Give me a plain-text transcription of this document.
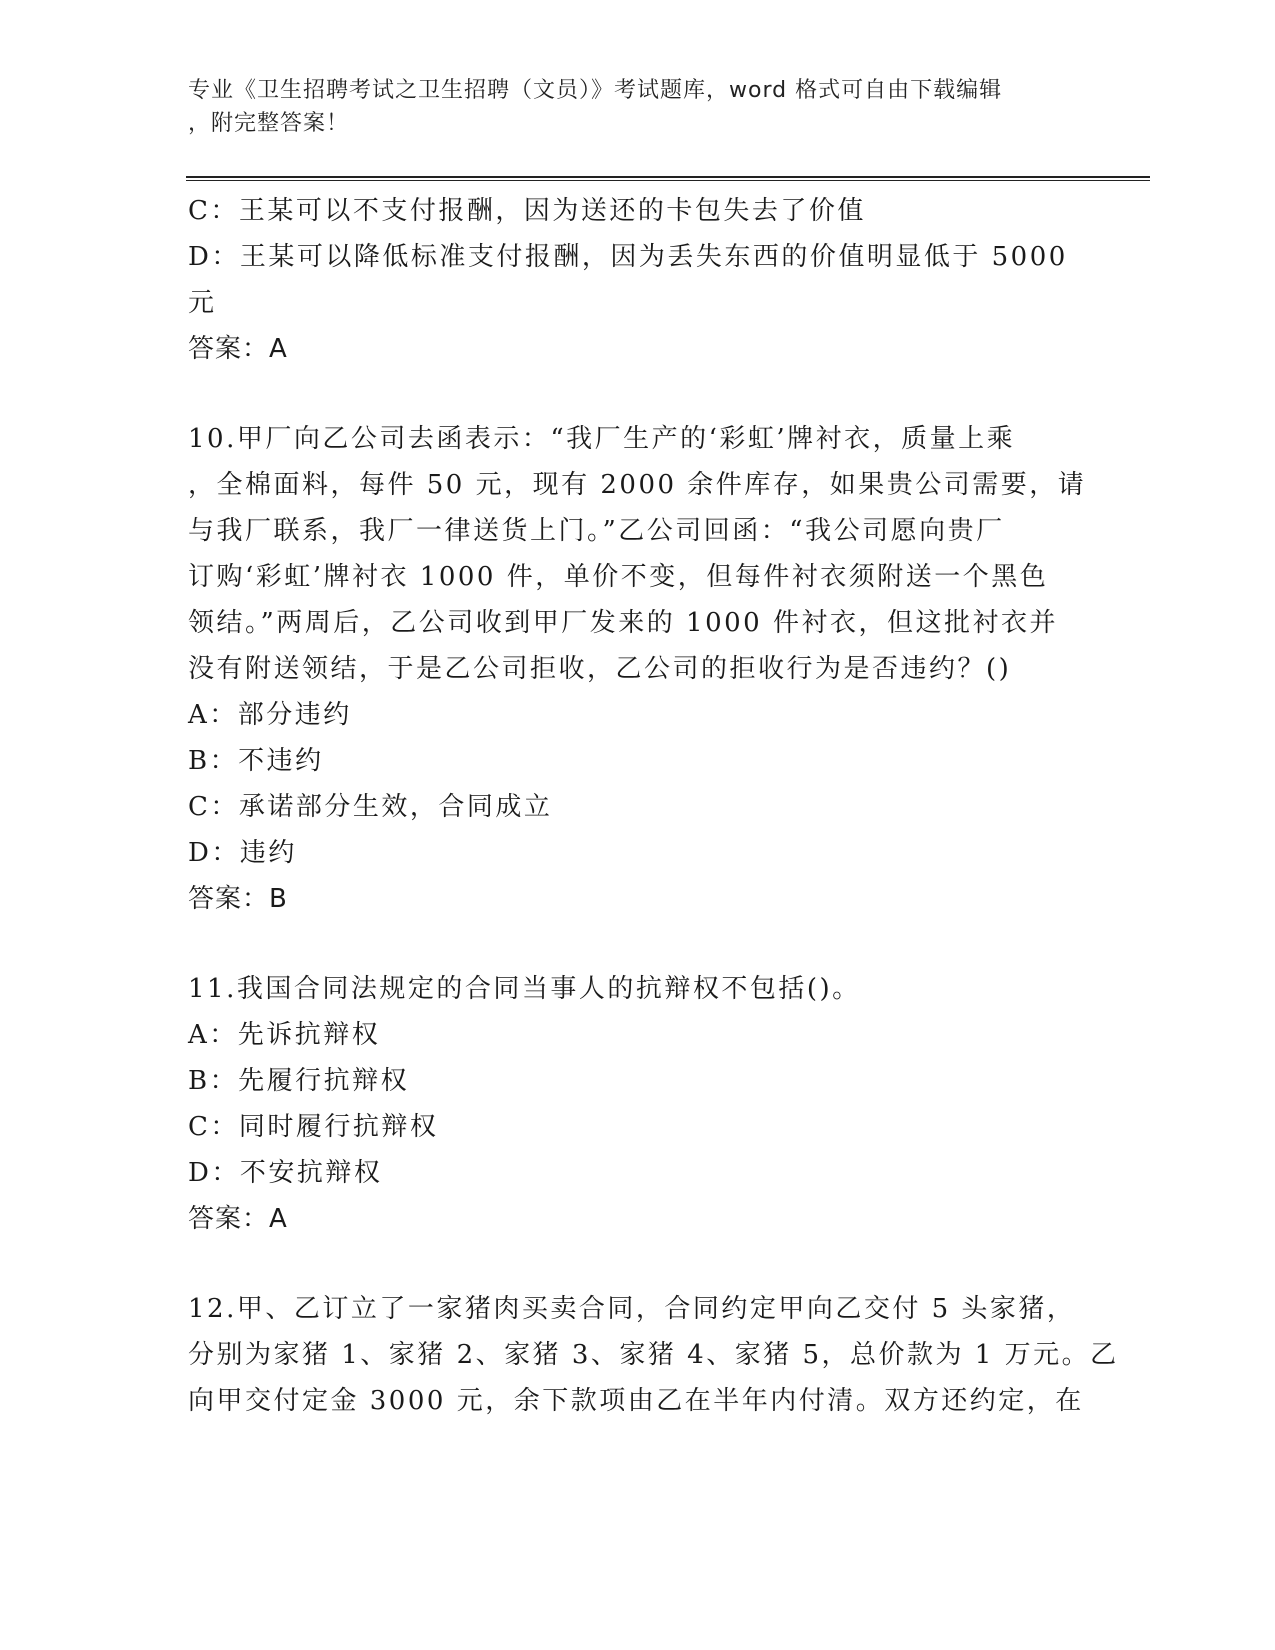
专业《卫生招聘考试之卫生招聘（文员）》考试题库，word 格式可自由下载编辑
，附完整答案！
C：王某可以不支付报酬，因为送还的卡包失去了价值
D：王某可以降低标准支付报酬，因为丢失东西的价值明显低于 5000
元
答案：A
10.甲厂向乙公司去函表示：“我厂生产的‘彩虹’牌衬衣，质量上乘
，全棉面料，每件 50 元，现有 2000 余件库存，如果贵公司需要，请
与我厂联系，我厂一律送货上门。”乙公司回函：“我公司愿向贵厂
订购‘彩虹’牌衬衣 1000 件，单价不变，但每件衬衣须附送一个黑色
领结。”两周后，乙公司收到甲厂发来的 1000 件衬衣，但这批衬衣并
没有附送领结，于是乙公司拒收，乙公司的拒收行为是否违约？()
A：部分违约
B：不违约
C：承诺部分生效，合同成立
D：违约
答案：B
11.我国合同法规定的合同当事人的抗辩权不包括()。
A：先诉抗辩权
B：先履行抗辩权
C：同时履行抗辩权
D：不安抗辩权
答案：A
12.甲、乙订立了一家猪肉买卖合同，合同约定甲向乙交付 5 头家猪，
分别为家猪 1、家猪 2、家猪 3、家猪 4、家猪 5，总价款为 1 万元。乙
向甲交付定金 3000 元，余下款项由乙在半年内付清。双方还约定，在
